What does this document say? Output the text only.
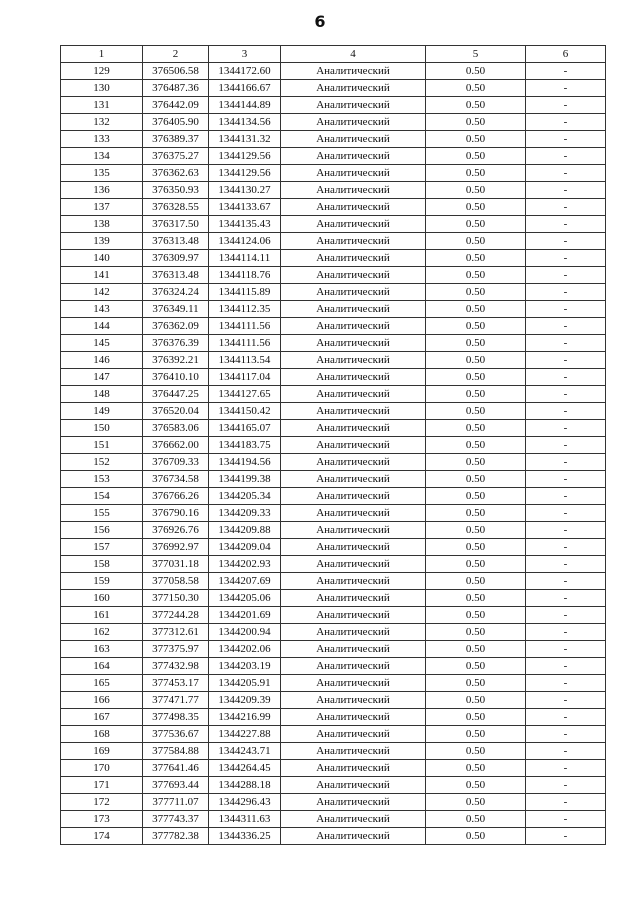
6
1	2	3	4	5	6
129	376506.58	1344172.60	Аналитический	0.50	-
130	376487.36	1344166.67	Аналитический	0.50	-
131	376442.09	1344144.89	Аналитический	0.50	-
132	376405.90	1344134.56	Аналитический	0.50	-
133	376389.37	1344131.32	Аналитический	0.50	-
134	376375.27	1344129.56	Аналитический	0.50	-
135	376362.63	1344129.56	Аналитический	0.50	-
136	376350.93	1344130.27	Аналитический	0.50	-
137	376328.55	1344133.67	Аналитический	0.50	-
138	376317.50	1344135.43	Аналитический	0.50	-
139	376313.48	1344124.06	Аналитический	0.50	-
140	376309.97	1344114.11	Аналитический	0.50	-
141	376313.48	1344118.76	Аналитический	0.50	-
142	376324.24	1344115.89	Аналитический	0.50	-
143	376349.11	1344112.35	Аналитический	0.50	-
144	376362.09	1344111.56	Аналитический	0.50	-
145	376376.39	1344111.56	Аналитический	0.50	-
146	376392.21	1344113.54	Аналитический	0.50	-
147	376410.10	1344117.04	Аналитический	0.50	-
148	376447.25	1344127.65	Аналитический	0.50	-
149	376520.04	1344150.42	Аналитический	0.50	-
150	376583.06	1344165.07	Аналитический	0.50	-
151	376662.00	1344183.75	Аналитический	0.50	-
152	376709.33	1344194.56	Аналитический	0.50	-
153	376734.58	1344199.38	Аналитический	0.50	-
154	376766.26	1344205.34	Аналитический	0.50	-
155	376790.16	1344209.33	Аналитический	0.50	-
156	376926.76	1344209.88	Аналитический	0.50	-
157	376992.97	1344209.04	Аналитический	0.50	-
158	377031.18	1344202.93	Аналитический	0.50	-
159	377058.58	1344207.69	Аналитический	0.50	-
160	377150.30	1344205.06	Аналитический	0.50	-
161	377244.28	1344201.69	Аналитический	0.50	-
162	377312.61	1344200.94	Аналитический	0.50	-
163	377375.97	1344202.06	Аналитический	0.50	-
164	377432.98	1344203.19	Аналитический	0.50	-
165	377453.17	1344205.91	Аналитический	0.50	-
166	377471.77	1344209.39	Аналитический	0.50	-
167	377498.35	1344216.99	Аналитический	0.50	-
168	377536.67	1344227.88	Аналитический	0.50	-
169	377584.88	1344243.71	Аналитический	0.50	-
170	377641.46	1344264.45	Аналитический	0.50	-
171	377693.44	1344288.18	Аналитический	0.50	-
172	377711.07	1344296.43	Аналитический	0.50	-
173	377743.37	1344311.63	Аналитический	0.50	-
174	377782.38	1344336.25	Аналитический	0.50	-
